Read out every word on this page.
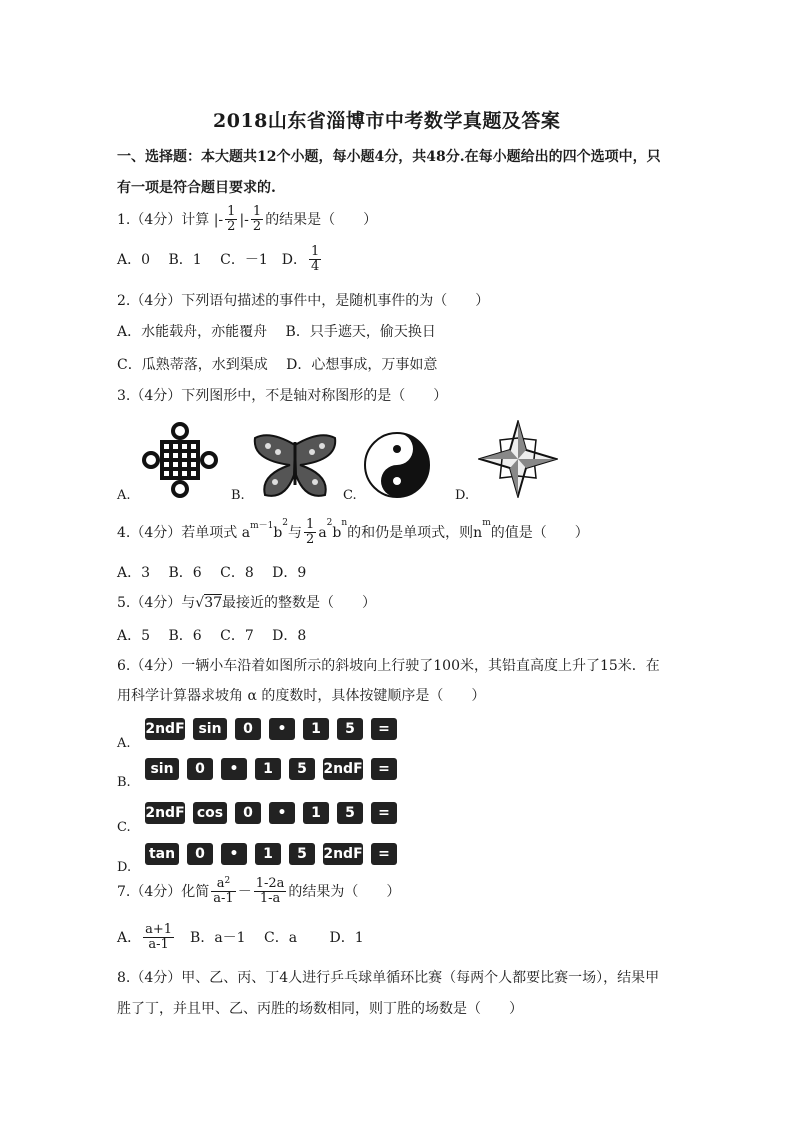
2018山东省淄博市中考数学真题及答案
一、选择题：本大题共12个小题，每小题4分，共48分.在每小题给出的四个选项中，只
有一项是符合题目要求的.
1.（4分）计算 |- $\frac{1}{2}$ |- $\frac{1}{2}$ 的结果是（　　）
A．0　 B．1　 C．－1　D． $\frac{1}{4}$
2.（4分）下列语句描述的事件中，是随机事件的为（　　）
A．水能载舟，亦能覆舟　 B．只手遮天，偷天换日
C．瓜熟蒂落，水到渠成　 D．心想事成，万事如意
3.（4分）下列图形中，不是轴对称图形的是（　　）
A.	B.	C.	D.
4.（4分）若单项式 $a^{m-1}b^2$与 $\frac{1}{2} a^2b^n$的和仍是单项式，则$n^m$的值是（　　）
A．3　 B．6　 C．8　 D．9
5.（4分）与√37最接近的整数是（　　）
A．5　 B．6　 C．7　 D．8
6.（4分）一辆小车沿着如图所示的斜坡向上行驶了100米，其铅直高度上升了15米．在
用科学计算器求坡角 α 的度数时，具体按键顺序是（　　）
A.
2ndF sin	0	•	1	5	=
B.
sin	0	•	1	5	2ndF	=
C.
2ndF cos	0	•	1	5	=
D.
tan	0	•	1	5	2ndF	=
7.（4分）化简 $\frac{a^2}{a-1} - \frac{1-2a}{1-a}$ 的结果为（　　）
A． $\frac{a+1}{a-1}$
　 B．a－1　 C．a　　 D．1
8.（4分）甲、乙、丙、丁4人进行乒乓球单循环比赛（每两个人都要比赛一场），结果甲
胜了丁，并且甲、乙、丙胜的场数相同，则丁胜的场数是（　　）
